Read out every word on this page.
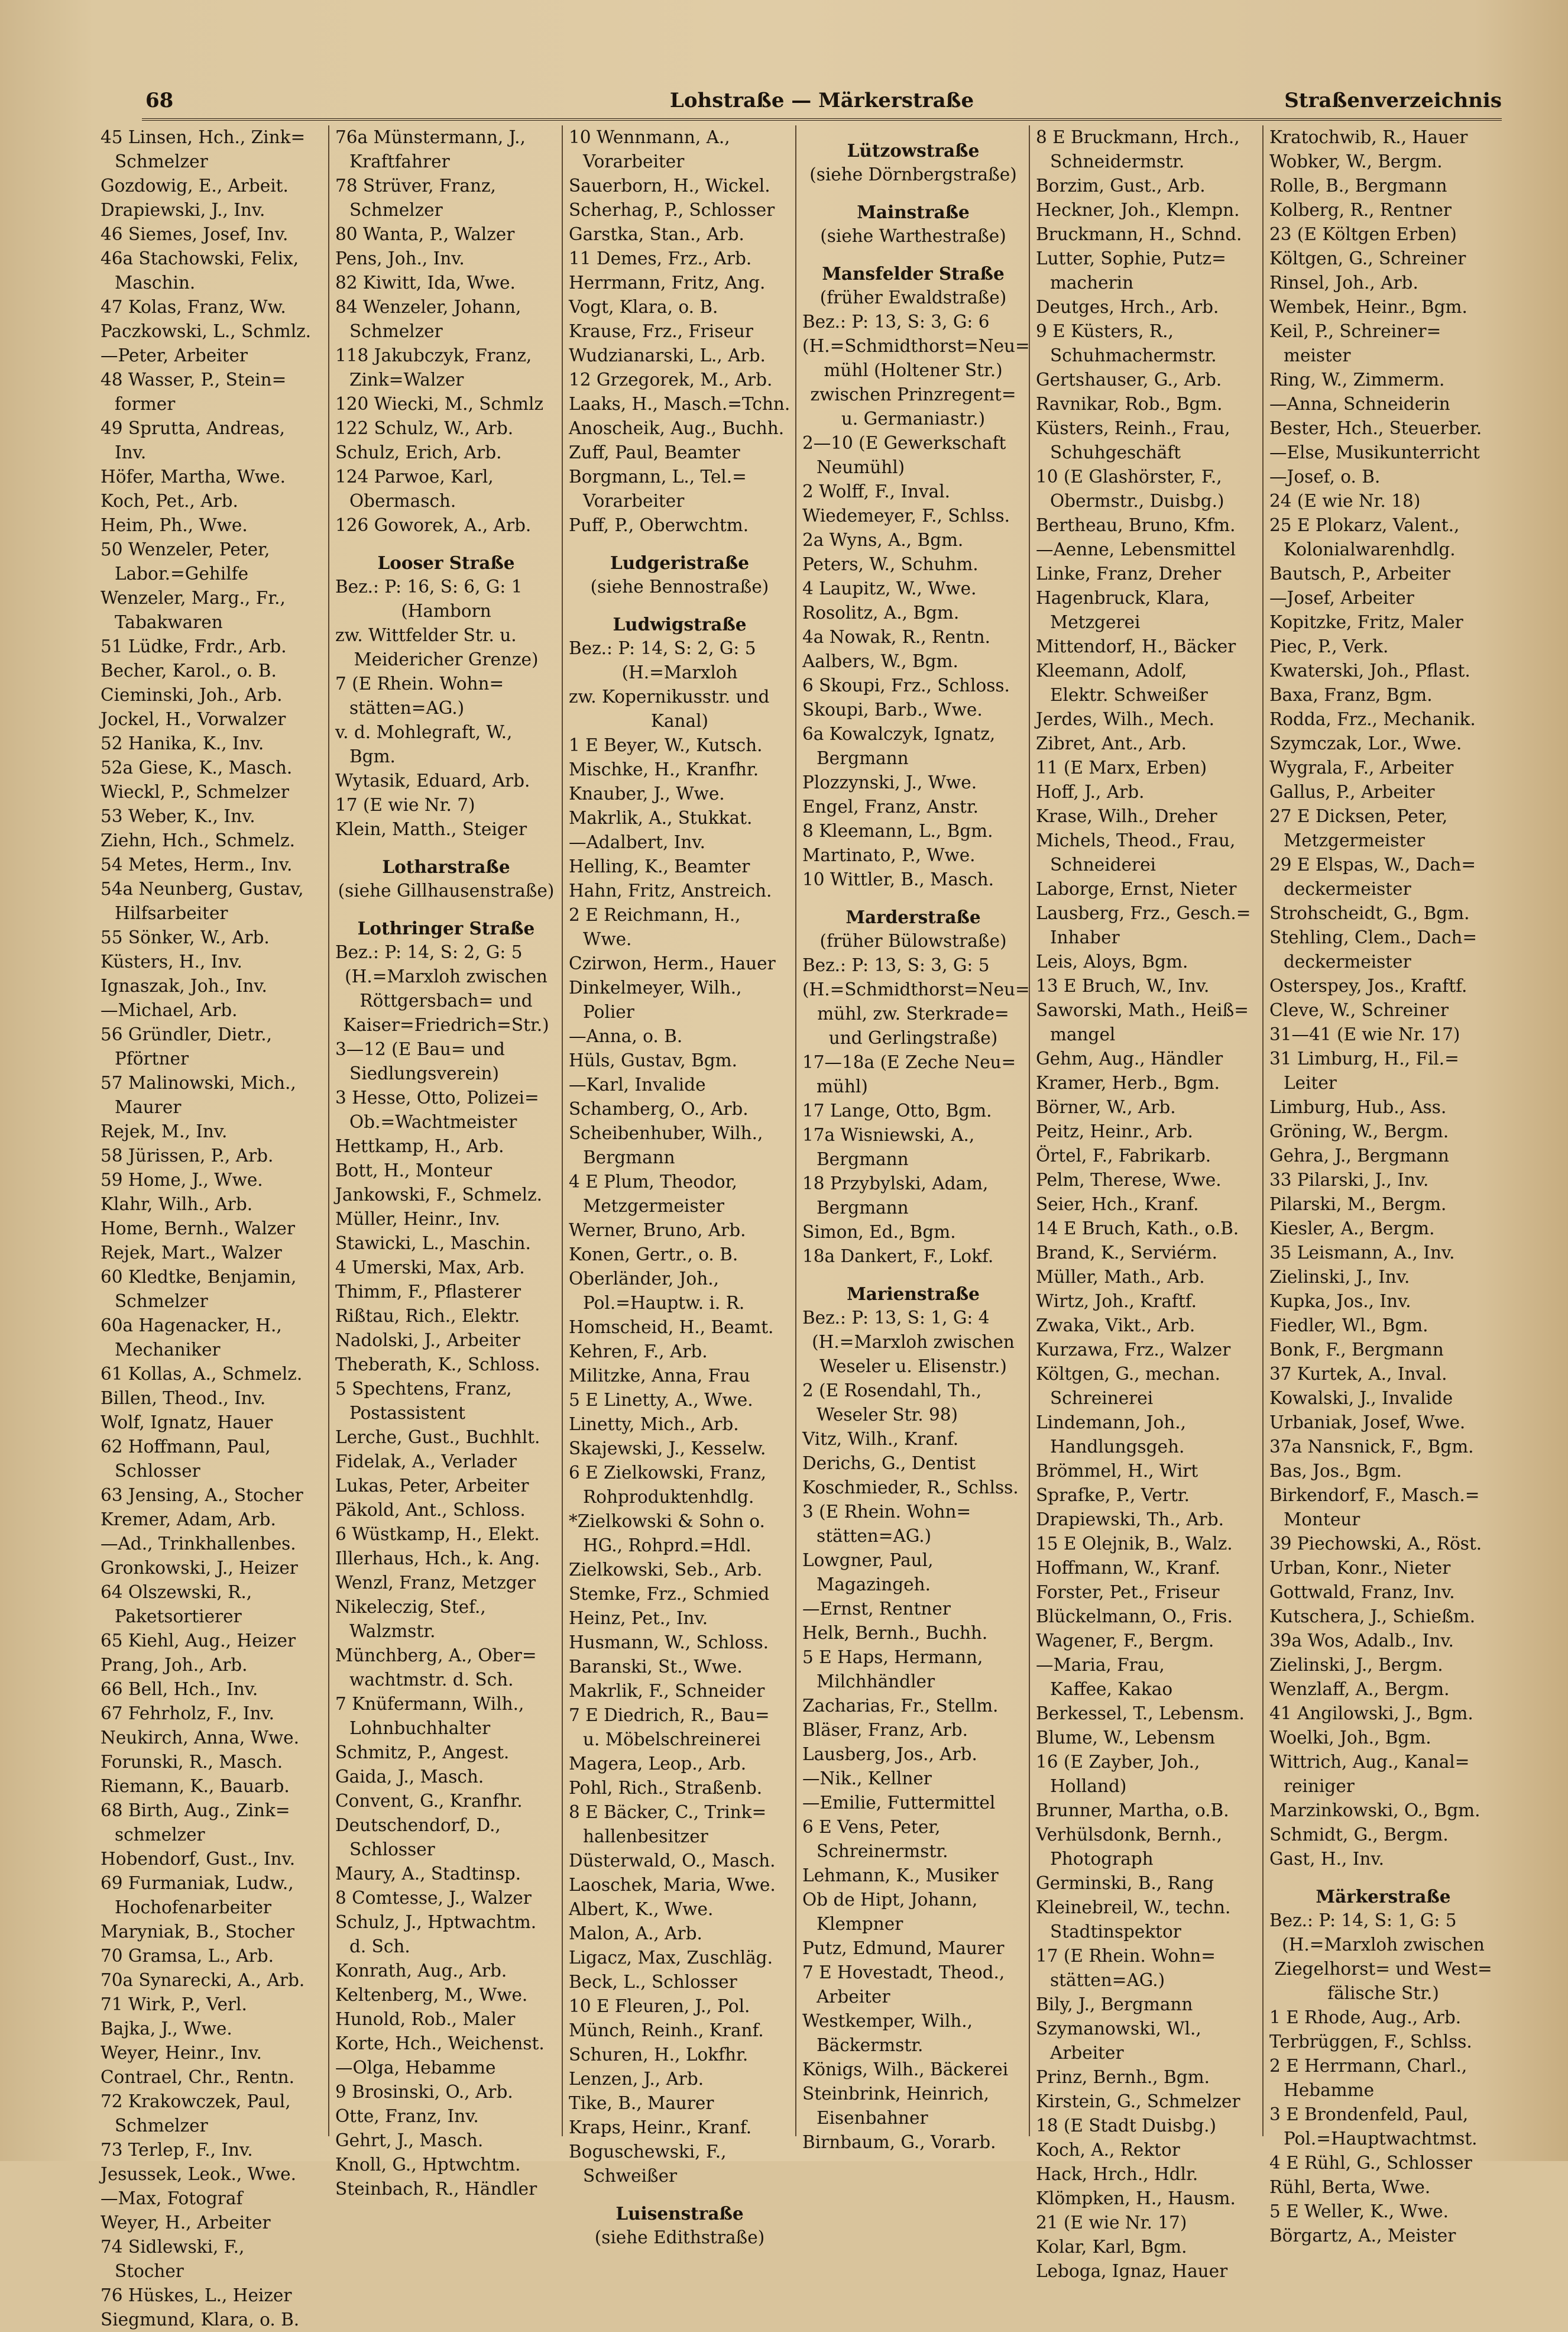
68	Lohstraße — Märkerstraße	Straßenverzeichnis
45 Linsen, Hch., Zink=
Schmelzer
Gozdowig, E., Arbeit.
Drapiewski, J., Inv.
46 Siemes, Josef, Inv.
46a Stachowski, Felix,
Maschin.
47 Kolas, Franz, Ww.
Paczkowski, L., Schmlz.
—Peter, Arbeiter
48 Wasser, P., Stein=
former
49 Sprutta, Andreas,
Inv.
Höfer, Martha, Wwe.
Koch, Pet., Arb.
Heim, Ph., Wwe.
50 Wenzeler, Peter,
Labor.=Gehilfe
Wenzeler, Marg., Fr.,
Tabakwaren
51 Lüdke, Frdr., Arb.
Becher, Karol., o. B.
Cieminski, Joh., Arb.
Jockel, H., Vorwalzer
52 Hanika, K., Inv.
52a Giese, K., Masch.
Wieckl, P., Schmelzer
53 Weber, K., Inv.
Ziehn, Hch., Schmelz.
54 Metes, Herm., Inv.
54a Neunberg, Gustav,
Hilfsarbeiter
55 Sönker, W., Arb.
Küsters, H., Inv.
Ignaszak, Joh., Inv.
—Michael, Arb.
56 Gründler, Dietr.,
Pförtner
57 Malinowski, Mich.,
Maurer
Rejek, M., Inv.
58 Jürissen, P., Arb.
59 Home, J., Wwe.
Klahr, Wilh., Arb.
Home, Bernh., Walzer
Rejek, Mart., Walzer
60 Kledtke, Benjamin,
Schmelzer
60a Hagenacker, H.,
Mechaniker
61 Kollas, A., Schmelz.
Billen, Theod., Inv.
Wolf, Ignatz, Hauer
62 Hoffmann, Paul,
Schlosser
63 Jensing, A., Stocher
Kremer, Adam, Arb.
—Ad., Trinkhallenbes.
Gronkowski, J., Heizer
64 Olszewski, R.,
Paketsortierer
65 Kiehl, Aug., Heizer
Prang, Joh., Arb.
66 Bell, Hch., Inv.
67 Fehrholz, F., Inv.
Neukirch, Anna, Wwe.
Forunski, R., Masch.
Riemann, K., Bauarb.
68 Birth, Aug., Zink=
schmelzer
Hobendorf, Gust., Inv.
69 Furmaniak, Ludw.,
Hochofenarbeiter
Maryniak, B., Stocher
70 Gramsa, L., Arb.
70a Synarecki, A., Arb.
71 Wirk, P., Verl.
Bajka, J., Wwe.
Weyer, Heinr., Inv.
Contrael, Chr., Rentn.
72 Krakowczek, Paul,
Schmelzer
73 Terlep, F., Inv.
Jesussek, Leok., Wwe.
—Max, Fotograf
Weyer, H., Arbeiter
74 Sidlewski, F.,
Stocher
76 Hüskes, L., Heizer
Siegmund, Klara, o. B.
76a Münstermann, J.,
Kraftfahrer
78 Strüver, Franz,
Schmelzer
80 Wanta, P., Walzer
Pens, Joh., Inv.
82 Kiwitt, Ida, Wwe.
84 Wenzeler, Johann,
Schmelzer
118 Jakubczyk, Franz,
Zink=Walzer
120 Wiecki, M., Schmlz
122 Schulz, W., Arb.
Schulz, Erich, Arb.
124 Parwoe, Karl,
Obermasch.
126 Goworek, A., Arb.
Looser Straße
Bez.: P: 16, S: 6, G: 1
(Hamborn
zw. Wittfelder Str. u.
Meidericher Grenze)
7 (E Rhein. Wohn=
stätten=AG.)
v. d. Mohlegraft, W.,
Bgm.
Wytasik, Eduard, Arb.
17 (E wie Nr. 7)
Klein, Matth., Steiger
Lotharstraße
(siehe Gillhausenstraße)
Lothringer Straße
Bez.: P: 14, S: 2, G: 5
(H.=Marxloh zwischen
Röttgersbach= und
Kaiser=Friedrich=Str.)
3—12 (E Bau= und
Siedlungsverein)
3 Hesse, Otto, Polizei=
Ob.=Wachtmeister
Hettkamp, H., Arb.
Bott, H., Monteur
Jankowski, F., Schmelz.
Müller, Heinr., Inv.
Stawicki, L., Maschin.
4 Umerski, Max, Arb.
Thimm, F., Pflasterer
Rißtau, Rich., Elektr.
Nadolski, J., Arbeiter
Theberath, K., Schloss.
5 Spechtens, Franz,
Postassistent
Lerche, Gust., Buchhlt.
Fidelak, A., Verlader
Lukas, Peter, Arbeiter
Päkold, Ant., Schloss.
6 Wüstkamp, H., Elekt.
Illerhaus, Hch., k. Ang.
Wenzl, Franz, Metzger
Nikeleczig, Stef.,
Walzmstr.
Münchberg, A., Ober=
wachtmstr. d. Sch.
7 Knüfermann, Wilh.,
Lohnbuchhalter
Schmitz, P., Angest.
Gaida, J., Masch.
Convent, G., Kranfhr.
Deutschendorf, D.,
Schlosser
Maury, A., Stadtinsp.
8 Comtesse, J., Walzer
Schulz, J., Hptwachtm.
d. Sch.
Konrath, Aug., Arb.
Keltenberg, M., Wwe.
Hunold, Rob., Maler
Korte, Hch., Weichenst.
—Olga, Hebamme
9 Brosinski, O., Arb.
Otte, Franz, Inv.
Gehrt, J., Masch.
Knoll, G., Hptwchtm.
Steinbach, R., Händler
10 Wennmann, A.,
Vorarbeiter
Sauerborn, H., Wickel.
Scherhag, P., Schlosser
Garstka, Stan., Arb.
11 Demes, Frz., Arb.
Herrmann, Fritz, Ang.
Vogt, Klara, o. B.
Krause, Frz., Friseur
Wudzianarski, L., Arb.
12 Grzegorek, M., Arb.
Laaks, H., Masch.=Tchn.
Anoscheik, Aug., Buchh.
Zuff, Paul, Beamter
Borgmann, L., Tel.=
Vorarbeiter
Puff, P., Oberwchtm.
Ludgeristraße
(siehe Bennostraße)
Ludwigstraße
Bez.: P: 14, S: 2, G: 5
(H.=Marxloh
zw. Kopernikusstr. und
Kanal)
1 E Beyer, W., Kutsch.
Mischke, H., Kranfhr.
Knauber, J., Wwe.
Makrlik, A., Stukkat.
—Adalbert, Inv.
Helling, K., Beamter
Hahn, Fritz, Anstreich.
2 E Reichmann, H.,
Wwe.
Czirwon, Herm., Hauer
Dinkelmeyer, Wilh.,
Polier
—Anna, o. B.
Hüls, Gustav, Bgm.
—Karl, Invalide
Schamberg, O., Arb.
Scheibenhuber, Wilh.,
Bergmann
4 E Plum, Theodor,
Metzgermeister
Werner, Bruno, Arb.
Konen, Gertr., o. B.
Oberländer, Joh.,
Pol.=Hauptw. i. R.
Homscheid, H., Beamt.
Kehren, F., Arb.
Militzke, Anna, Frau
5 E Linetty, A., Wwe.
Linetty, Mich., Arb.
Skajewski, J., Kesselw.
6 E Zielkowski, Franz,
Rohproduktenhdlg.
*Zielkowski & Sohn o.
HG., Rohprd.=Hdl.
Zielkowski, Seb., Arb.
Stemke, Frz., Schmied
Heinz, Pet., Inv.
Husmann, W., Schloss.
Baranski, St., Wwe.
Makrlik, F., Schneider
7 E Diedrich, R., Bau=
u. Möbelschreinerei
Magera, Leop., Arb.
Pohl, Rich., Straßenb.
8 E Bäcker, C., Trink=
hallenbesitzer
Düsterwald, O., Masch.
Laoschek, Maria, Wwe.
Albert, K., Wwe.
Malon, A., Arb.
Ligacz, Max, Zuschläg.
Beck, L., Schlosser
10 E Fleuren, J., Pol.
Münch, Reinh., Kranf.
Schuren, H., Lokfhr.
Lenzen, J., Arb.
Tike, B., Maurer
Kraps, Heinr., Kranf.
Boguschewski, F.,
Schweißer
Luisenstraße
(siehe Edithstraße)
Lützowstraße
(siehe Dörnbergstraße)
Mainstraße
(siehe Warthestraße)
Mansfelder Straße
(früher Ewaldstraße)
Bez.: P: 13, S: 3, G: 6
(H.=Schmidthorst=Neu=
mühl (Holtener Str.)
zwischen Prinzregent=
u. Germaniastr.)
2—10 (E Gewerkschaft
Neumühl)
2 Wolff, F., Inval.
Wiedemeyer, F., Schlss.
2a Wyns, A., Bgm.
Peters, W., Schuhm.
4 Laupitz, W., Wwe.
Rosolitz, A., Bgm.
4a Nowak, R., Rentn.
Aalbers, W., Bgm.
6 Skoupi, Frz., Schloss.
Skoupi, Barb., Wwe.
6a Kowalczyk, Ignatz,
Bergmann
Plozzynski, J., Wwe.
Engel, Franz, Anstr.
8 Kleemann, L., Bgm.
Martinato, P., Wwe.
10 Wittler, B., Masch.
Marderstraße
(früher Bülowstraße)
Bez.: P: 13, S: 3, G: 5
(H.=Schmidthorst=Neu=
mühl, zw. Sterkrade=
und Gerlingstraße)
17—18a (E Zeche Neu=
mühl)
17 Lange, Otto, Bgm.
17a Wisniewski, A.,
Bergmann
18 Przybylski, Adam,
Bergmann
Simon, Ed., Bgm.
18a Dankert, F., Lokf.
Marienstraße
Bez.: P: 13, S: 1, G: 4
(H.=Marxloh zwischen
Weseler u. Elisenstr.)
2 (E Rosendahl, Th.,
Weseler Str. 98)
Vitz, Wilh., Kranf.
Derichs, G., Dentist
Koschmieder, R., Schlss.
3 (E Rhein. Wohn=
stätten=AG.)
Lowgner, Paul,
Magazingeh.
—Ernst, Rentner
Helk, Bernh., Buchh.
5 E Haps, Hermann,
Milchhändler
Zacharias, Fr., Stellm.
Bläser, Franz, Arb.
Lausberg, Jos., Arb.
—Nik., Kellner
—Emilie, Futtermittel
6 E Vens, Peter,
Schreinermstr.
Lehmann, K., Musiker
Ob de Hipt, Johann,
Klempner
Putz, Edmund, Maurer
7 E Hovestadt, Theod.,
Arbeiter
Westkemper, Wilh.,
Bäckermstr.
Königs, Wilh., Bäckerei
Steinbrink, Heinrich,
Eisenbahner
Birnbaum, G., Vorarb.
8 E Bruckmann, Hrch.,
Schneidermstr.
Borzim, Gust., Arb.
Heckner, Joh., Klempn.
Bruckmann, H., Schnd.
Lutter, Sophie, Putz=
macherin
Deutges, Hrch., Arb.
9 E Küsters, R.,
Schuhmachermstr.
Gertshauser, G., Arb.
Ravnikar, Rob., Bgm.
Küsters, Reinh., Frau,
Schuhgeschäft
10 (E Glashörster, F.,
Obermstr., Duisbg.)
Bertheau, Bruno, Kfm.
—Aenne, Lebensmittel
Linke, Franz, Dreher
Hagenbruck, Klara,
Metzgerei
Mittendorf, H., Bäcker
Kleemann, Adolf,
Elektr. Schweißer
Jerdes, Wilh., Mech.
Zibret, Ant., Arb.
11 (E Marx, Erben)
Hoff, J., Arb.
Krase, Wilh., Dreher
Michels, Theod., Frau,
Schneiderei
Laborge, Ernst, Nieter
Lausberg, Frz., Gesch.=
Inhaber
Leis, Aloys, Bgm.
13 E Bruch, W., Inv.
Saworski, Math., Heiß=
mangel
Gehm, Aug., Händler
Kramer, Herb., Bgm.
Börner, W., Arb.
Peitz, Heinr., Arb.
Örtel, F., Fabrikarb.
Pelm, Therese, Wwe.
Seier, Hch., Kranf.
14 E Bruch, Kath., o.B.
Brand, K., Serviérm.
Müller, Math., Arb.
Wirtz, Joh., Kraftf.
Zwaka, Vikt., Arb.
Kurzawa, Frz., Walzer
Költgen, G., mechan.
Schreinerei
Lindemann, Joh.,
Handlungsgeh.
Brömmel, H., Wirt
Sprafke, P., Vertr.
Drapiewski, Th., Arb.
15 E Olejnik, B., Walz.
Hoffmann, W., Kranf.
Forster, Pet., Friseur
Blückelmann, O., Fris.
Wagener, F., Bergm.
—Maria, Frau,
Kaffee, Kakao
Berkessel, T., Lebensm.
Blume, W., Lebensm
16 (E Zayber, Joh.,
Holland)
Brunner, Martha, o.B.
Verhülsdonk, Bernh.,
Photograph
Germinski, B., Rang
Kleinebreil, W., techn.
Stadtinspektor
17 (E Rhein. Wohn=
stätten=AG.)
Bily, J., Bergmann
Szymanowski, Wl.,
Arbeiter
Prinz, Bernh., Bgm.
Kirstein, G., Schmelzer
18 (E Stadt Duisbg.)
Koch, A., Rektor
Hack, Hrch., Hdlr.
Klömpken, H., Hausm.
21 (E wie Nr. 17)
Kolar, Karl, Bgm.
Leboga, Ignaz, Hauer
Kratochwib, R., Hauer
Wobker, W., Bergm.
Rolle, B., Bergmann
Kolberg, R., Rentner
23 (E Költgen Erben)
Költgen, G., Schreiner
Rinsel, Joh., Arb.
Wembek, Heinr., Bgm.
Keil, P., Schreiner=
meister
Ring, W., Zimmerm.
—Anna, Schneiderin
Bester, Hch., Steuerber.
—Else, Musikunterricht
—Josef, o. B.
24 (E wie Nr. 18)
25 E Plokarz, Valent.,
Kolonialwarenhdlg.
Bautsch, P., Arbeiter
—Josef, Arbeiter
Kopitzke, Fritz, Maler
Piec, P., Verk.
Kwaterski, Joh., Pflast.
Baxa, Franz, Bgm.
Rodda, Frz., Mechanik.
Szymczak, Lor., Wwe.
Wygrala, F., Arbeiter
Gallus, P., Arbeiter
27 E Dicksen, Peter,
Metzgermeister
29 E Elspas, W., Dach=
deckermeister
Strohscheidt, G., Bgm.
Stehling, Clem., Dach=
deckermeister
Osterspey, Jos., Kraftf.
Cleve, W., Schreiner
31—41 (E wie Nr. 17)
31 Limburg, H., Fil.=
Leiter
Limburg, Hub., Ass.
Gröning, W., Bergm.
Gehra, J., Bergmann
33 Pilarski, J., Inv.
Pilarski, M., Bergm.
Kiesler, A., Bergm.
35 Leismann, A., Inv.
Zielinski, J., Inv.
Kupka, Jos., Inv.
Fiedler, Wl., Bgm.
Bonk, F., Bergmann
37 Kurtek, A., Inval.
Kowalski, J., Invalide
Urbaniak, Josef, Wwe.
37a Nansnick, F., Bgm.
Bas, Jos., Bgm.
Birkendorf, F., Masch.=
Monteur
39 Piechowski, A., Röst.
Urban, Konr., Nieter
Gottwald, Franz, Inv.
Kutschera, J., Schießm.
39a Wos, Adalb., Inv.
Zielinski, J., Bergm.
Wenzlaff, A., Bergm.
41 Angilowski, J., Bgm.
Woelki, Joh., Bgm.
Wittrich, Aug., Kanal=
reiniger
Marzinkowski, O., Bgm.
Schmidt, G., Bergm.
Gast, H., Inv.
Märkerstraße
Bez.: P: 14, S: 1, G: 5
(H.=Marxloh zwischen
Ziegelhorst= und West=
fälische Str.)
1 E Rhode, Aug., Arb.
Terbrüggen, F., Schlss.
2 E Herrmann, Charl.,
Hebamme
3 E Brondenfeld, Paul,
Pol.=Hauptwachtmst.
4 E Rühl, G., Schlosser
Rühl, Berta, Wwe.
5 E Weller, K., Wwe.
Börgartz, A., Meister
